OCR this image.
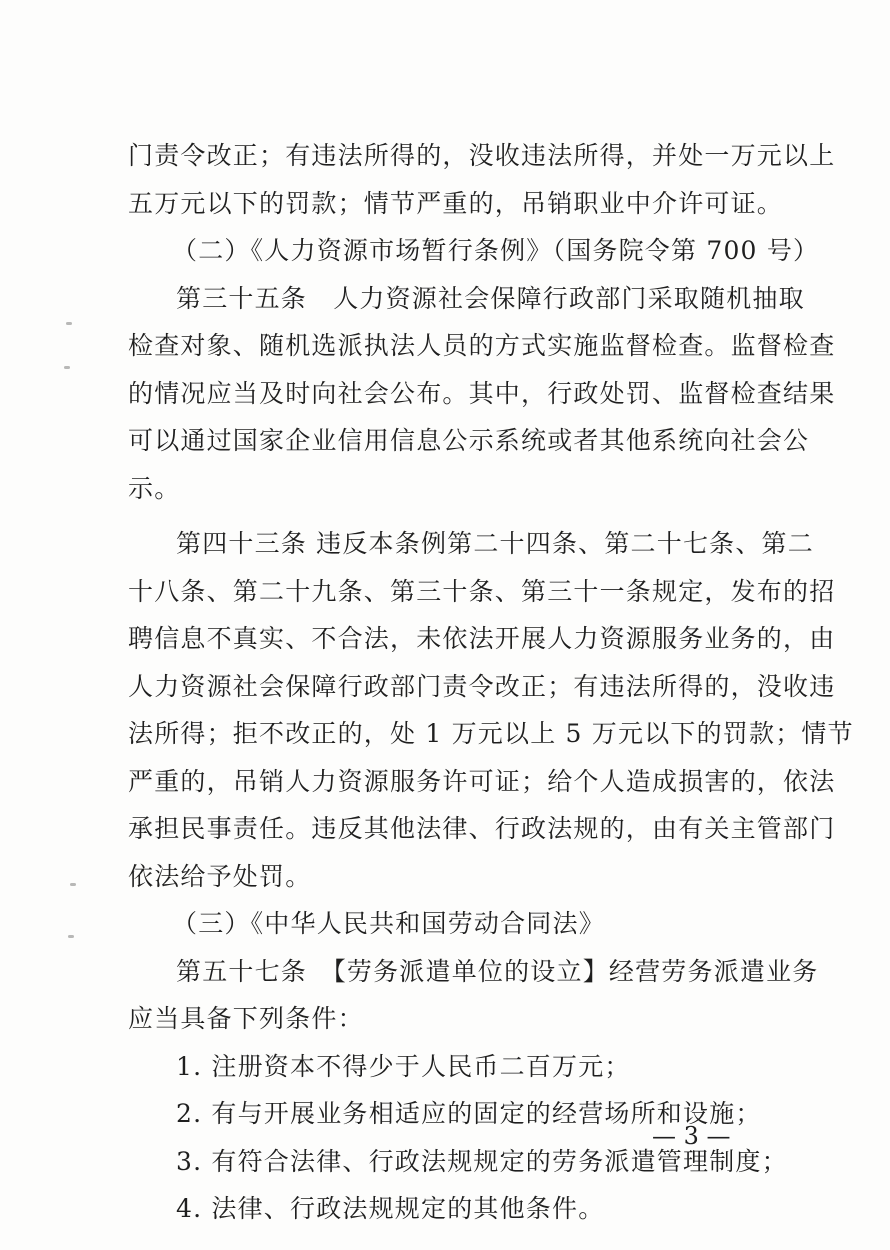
门责令改正；有违法所得的，没收违法所得，并处一万元以上
五万元以下的罚款；情节严重的，吊销职业中介许可证。
（二）《人力资源市场暂行条例》（国务院令第 700 号）
第三十五条　人力资源社会保障行政部门采取随机抽取
检查对象、随机选派执法人员的方式实施监督检查。监督检查
的情况应当及时向社会公布。其中，行政处罚、监督检查结果
可以通过国家企业信用信息公示系统或者其他系统向社会公
示。
第四十三条 违反本条例第二十四条、第二十七条、第二
十八条、第二十九条、第三十条、第三十一条规定，发布的招
聘信息不真实、不合法，未依法开展人力资源服务业务的，由
人力资源社会保障行政部门责令改正；有违法所得的，没收违
法所得；拒不改正的，处 1 万元以上 5 万元以下的罚款；情节
严重的，吊销人力资源服务许可证；给个人造成损害的，依法
承担民事责任。违反其他法律、行政法规的，由有关主管部门
依法给予处罚。
（三）《中华人民共和国劳动合同法》
第五十七条　【劳务派遣单位的设立】经营劳务派遣业务
应当具备下列条件：
1. 注册资本不得少于人民币二百万元；
2. 有与开展业务相适应的固定的经营场所和设施；
3. 有符合法律、行政法规规定的劳务派遣管理制度；
4. 法律、行政法规规定的其他条件。
— 3 —
